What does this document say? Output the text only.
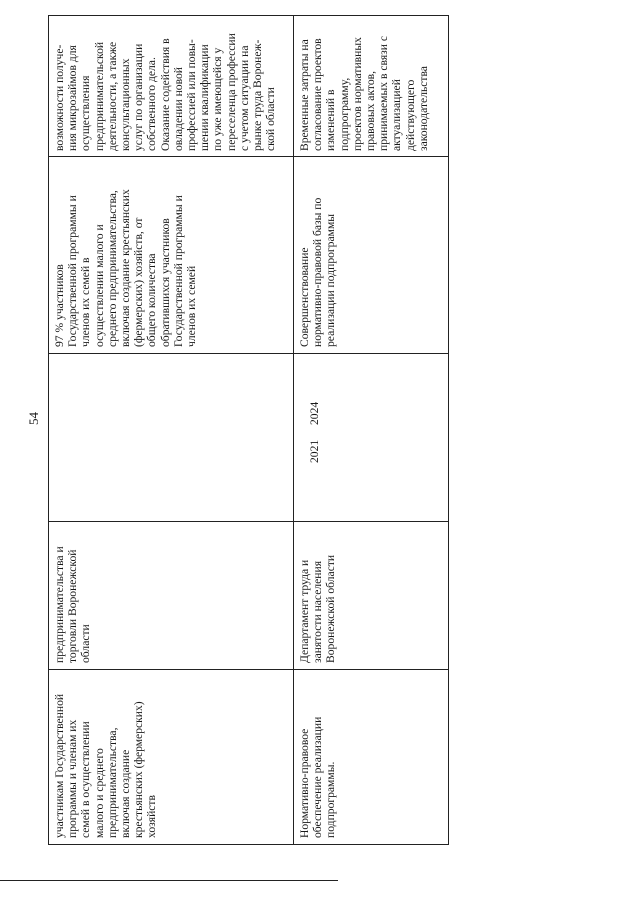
54
участникам Государственной
программы и членам их
семей в осуществлении
малого и среднего
предпринимательства,
включая создание
крестьянских (фермерских)
хозяйств
предпринимательства и
торговли Воронежской
области
97 % участников
Государственной программы и
членов их семей в
осуществлении малого и
среднего предпринимательства,
включая создание крестьянских
(фермерских) хозяйств, от
общего количества
обратившихся участников
Государственной программы и
членов их семей
возможности получе-
ния микрозаймов для
осуществления
предпринимательской
деятельности, а также
консультационных
услуг по организации
собственного дела.
Оказание содействия в
овладении новой
профессией или повы-
шении квалификации
по уже имеющейся у
переселенца профессии
с учетом ситуации на
рынке труда Воронеж-
ской области
Нормативно-правовое
обеспечение реализации
подпрограммы.
Департамент труда и
занятости населения
Воронежской области
2021
Совершенствование
нормативно-правовой базы по
реализации подпрограммы
Временные затраты на
согласование проектов
изменений в
подпрограмму,
проектов нормативных
правовых актов,
принимаемых в связи с
актуализацией
действующего
законодательства
2024
